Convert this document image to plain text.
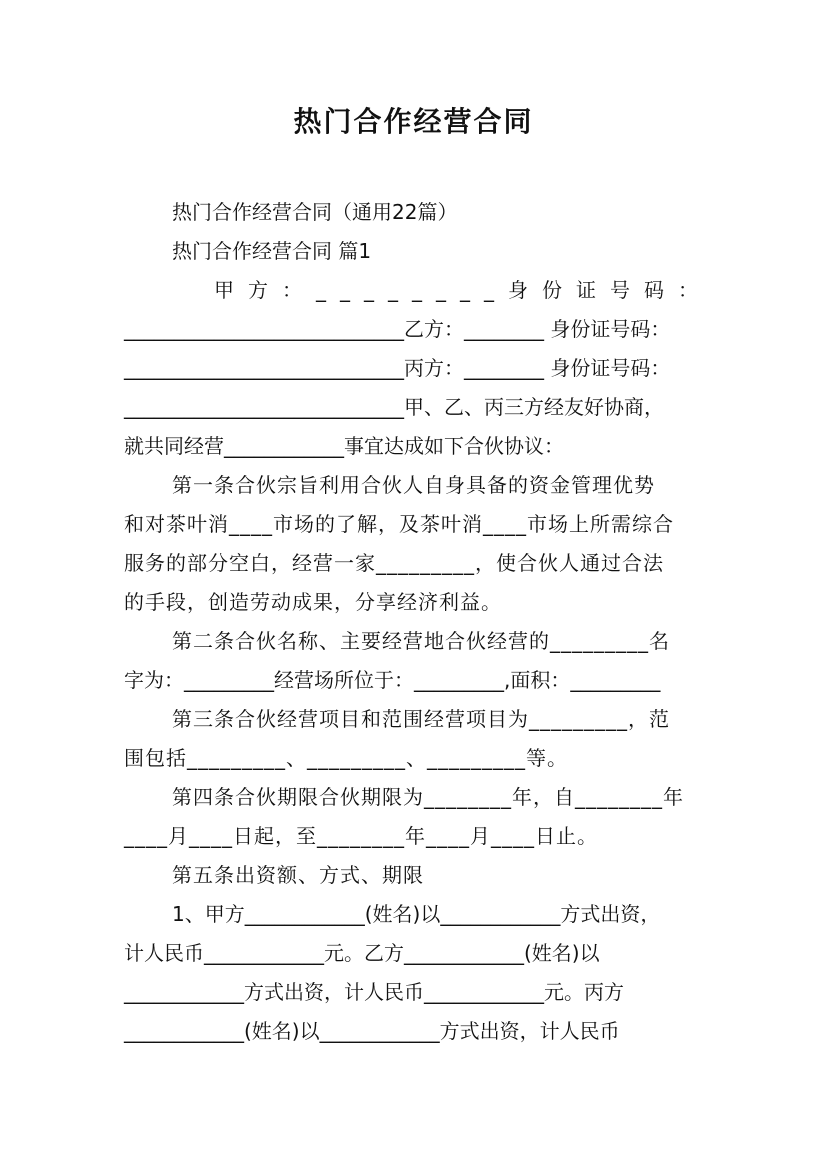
热门合作经营合同
热门合作经营合同（通用22篇）
热门合作经营合同 篇1
甲方：________身份证号码：
____________________________乙方：________ 身份证号码：
____________________________丙方：________ 身份证号码：
____________________________甲、乙、丙三方经友好协商，
就共同经营____________事宜达成如下合伙协议：
第一条合伙宗旨利用合伙人自身具备的资金管理优势
和对茶叶消____市场的了解，及茶叶消____市场上所需综合
服务的部分空白，经营一家_________，使合伙人通过合法
的手段，创造劳动成果，分享经济利益。
第二条合伙名称、主要经营地合伙经营的_________名
字为：_________经营场所位于：_________,面积：_________
第三条合伙经营项目和范围经营项目为_________，范
围包括_________、_________、_________等。
第四条合伙期限合伙期限为________年，自________年
____月____日起，至________年____月____日止。
第五条出资额、方式、期限
1、甲方____________(姓名)以____________方式出资，
计人民币____________元。乙方____________(姓名)以
____________方式出资，计人民币____________元。丙方
____________(姓名)以____________方式出资，计人民币
